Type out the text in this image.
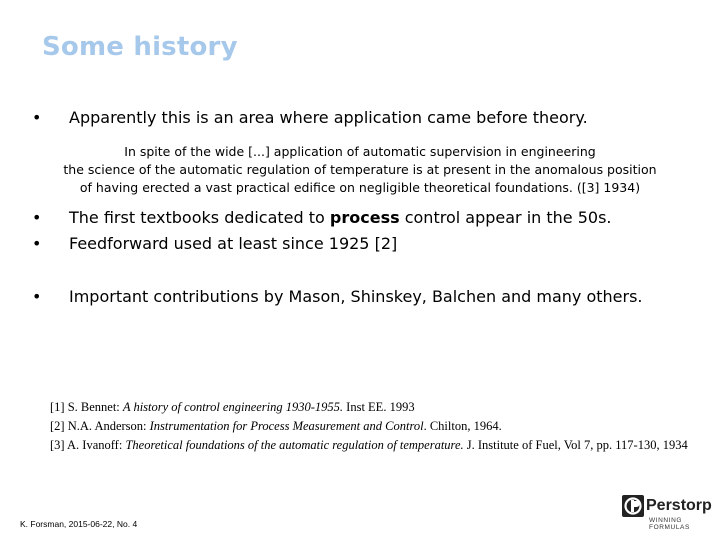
Some history
•	Apparently this is an area where application came before theory.
In spite of the wide [...] application of automatic supervision in engineering
the science of the automatic regulation of temperature is at present in the anomalous position
of having erected a vast practical edifice on negligible theoretical foundations. ([3] 1934)
•	The first textbooks dedicated to process control appear in the 50s.
•	Feedforward used at least since 1925 [2]
•	Important contributions by Mason, Shinskey, Balchen and many others.
[1] S. Bennet: A history of control engineering 1930-1955. Inst EE. 1993
[2] N.A. Anderson: Instrumentation for Process Measurement and Control. Chilton, 1964.
[3] A. Ivanoff: Theoretical foundations of the automatic regulation of temperature. J. Institute of Fuel, Vol 7, pp. 117-130, 1934
K. Forsman, 2015-06-22, No. 4
Perstorp
WINNING FORMULAS
